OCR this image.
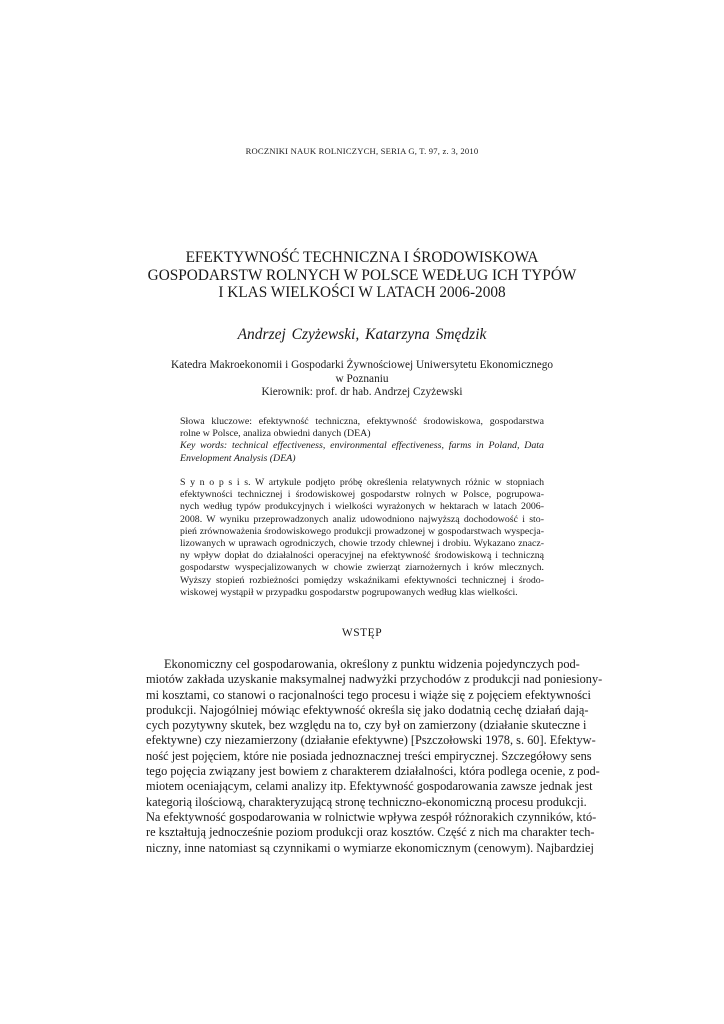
ROCZNIKI NAUK ROLNICZYCH, SERIA G, T. 97, z. 3, 2010
EFEKTYWNOŚĆ TECHNICZNA I ŚRODOWISKOWA
GOSPODARSTW ROLNYCH W POLSCE WEDŁUG ICH TYPÓW
I KLAS WIELKOŚCI W LATACH 2006-2008
Andrzej Czyżewski, Katarzyna Smędzik
Katedra Makroekonomii i Gospodarki Żywnościowej Uniwersytetu Ekonomicznego
w Poznaniu
Kierownik: prof. dr hab. Andrzej Czyżewski
Słowa kluczowe: efektywność techniczna, efektywność środowiskowa, gospodarstwa
rolne w Polsce, analiza obwiedni danych (DEA)
Key words: technical effectiveness, environmental effectiveness, farms in Poland, Data
Envelopment Analysis (DEA)
S y n o p s i s. W artykule podjęto próbę określenia relatywnych różnic w stopniach
efektywności technicznej i środowiskowej gospodarstw rolnych w Polsce, pogrupowa-
nych według typów produkcyjnych i wielkości wyrażonych w hektarach w latach 2006-
2008. W wyniku przeprowadzonych analiz udowodniono najwyższą dochodowość i sto-
pień zrównoważenia środowiskowego produkcji prowadzonej w gospodarstwach wyspecja-
lizowanych w uprawach ogrodniczych, chowie trzody chlewnej i drobiu. Wykazano znacz-
ny wpływ dopłat do działalności operacyjnej na efektywność środowiskową i techniczną
gospodarstw wyspecjalizowanych w chowie zwierząt ziarnożernych i krów mlecznych.
Wyższy stopień rozbieżności pomiędzy wskaźnikami efektywności technicznej i środo-
wiskowej wystąpił w przypadku gospodarstw pogrupowanych według klas wielkości.
WSTĘP
Ekonomiczny cel gospodarowania, określony z punktu widzenia pojedynczych pod-
miotów zakłada uzyskanie maksymalnej nadwyżki przychodów z produkcji nad poniesiony-
mi kosztami, co stanowi o racjonalności tego procesu i wiąże się z pojęciem efektywności
produkcji. Najogólniej mówiąc efektywność określa się jako dodatnią cechę działań dają-
cych pozytywny skutek, bez względu na to, czy był on zamierzony (działanie skuteczne i
efektywne) czy niezamierzony (działanie efektywne) [Pszczołowski 1978, s. 60]. Efektyw-
ność jest pojęciem, które nie posiada jednoznacznej treści empirycznej. Szczegółowy sens
tego pojęcia związany jest bowiem z charakterem działalności, która podlega ocenie, z pod-
miotem oceniającym, celami analizy itp. Efektywność gospodarowania zawsze jednak jest
kategorią ilościową, charakteryzującą stronę techniczno-ekonomiczną procesu produkcji.
Na efektywność gospodarowania w rolnictwie wpływa zespół różnorakich czynników, któ-
re kształtują jednocześnie poziom produkcji oraz kosztów. Część z nich ma charakter tech-
niczny, inne natomiast są czynnikami o wymiarze ekonomicznym (cenowym). Najbardziej
